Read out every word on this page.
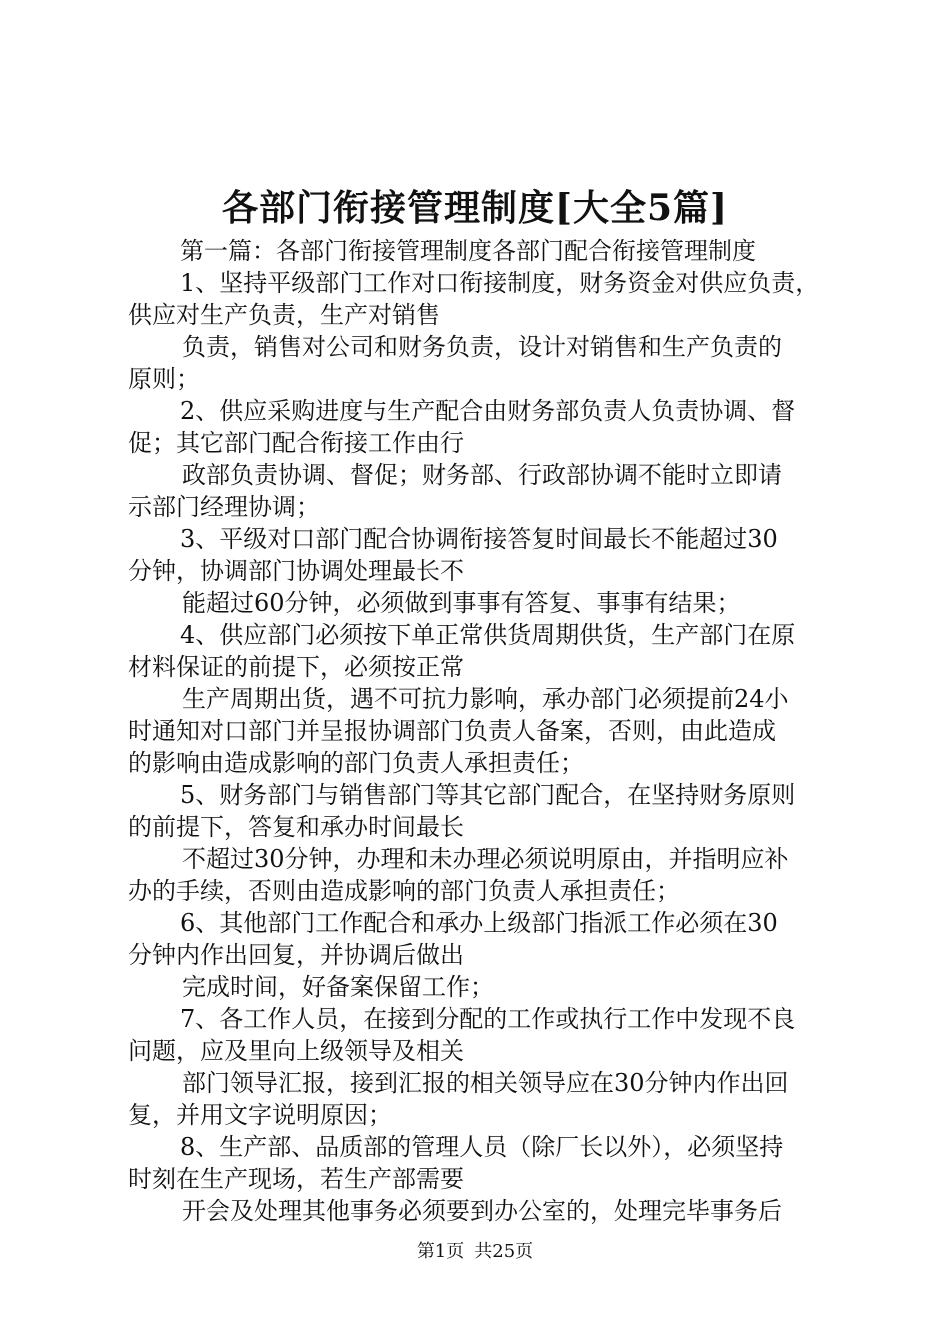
各部门衔接管理制度[大全5篇]
第一篇：各部门衔接管理制度各部门配合衔接管理制度
1、坚持平级部门工作对口衔接制度，财务资金对供应负责，
供应对生产负责，生产对销售
负责，销售对公司和财务负责，设计对销售和生产负责的
原则；
2、供应采购进度与生产配合由财务部负责人负责协调、督
促；其它部门配合衔接工作由行
政部负责协调、督促；财务部、行政部协调不能时立即请
示部门经理协调；
3、平级对口部门配合协调衔接答复时间最长不能超过30
分钟，协调部门协调处理最长不
能超过60分钟，必须做到事事有答复、事事有结果；
4、供应部门必须按下单正常供货周期供货，生产部门在原
材料保证的前提下，必须按正常
生产周期出货，遇不可抗力影响，承办部门必须提前24小
时通知对口部门并呈报协调部门负责人备案，否则，由此造成
的影响由造成影响的部门负责人承担责任；
5、财务部门与销售部门等其它部门配合，在坚持财务原则
的前提下，答复和承办时间最长
不超过30分钟，办理和未办理必须说明原由，并指明应补
办的手续，否则由造成影响的部门负责人承担责任；
6、其他部门工作配合和承办上级部门指派工作必须在30
分钟内作出回复，并协调后做出
完成时间，好备案保留工作；
7、各工作人员，在接到分配的工作或执行工作中发现不良
问题，应及里向上级领导及相关
部门领导汇报，接到汇报的相关领导应在30分钟内作出回
复，并用文字说明原因；
8、生产部、品质部的管理人员（除厂长以外），必须坚持
时刻在生产现场，若生产部需要
开会及处理其他事务必须要到办公室的，处理完毕事务后
第1页 共25页
